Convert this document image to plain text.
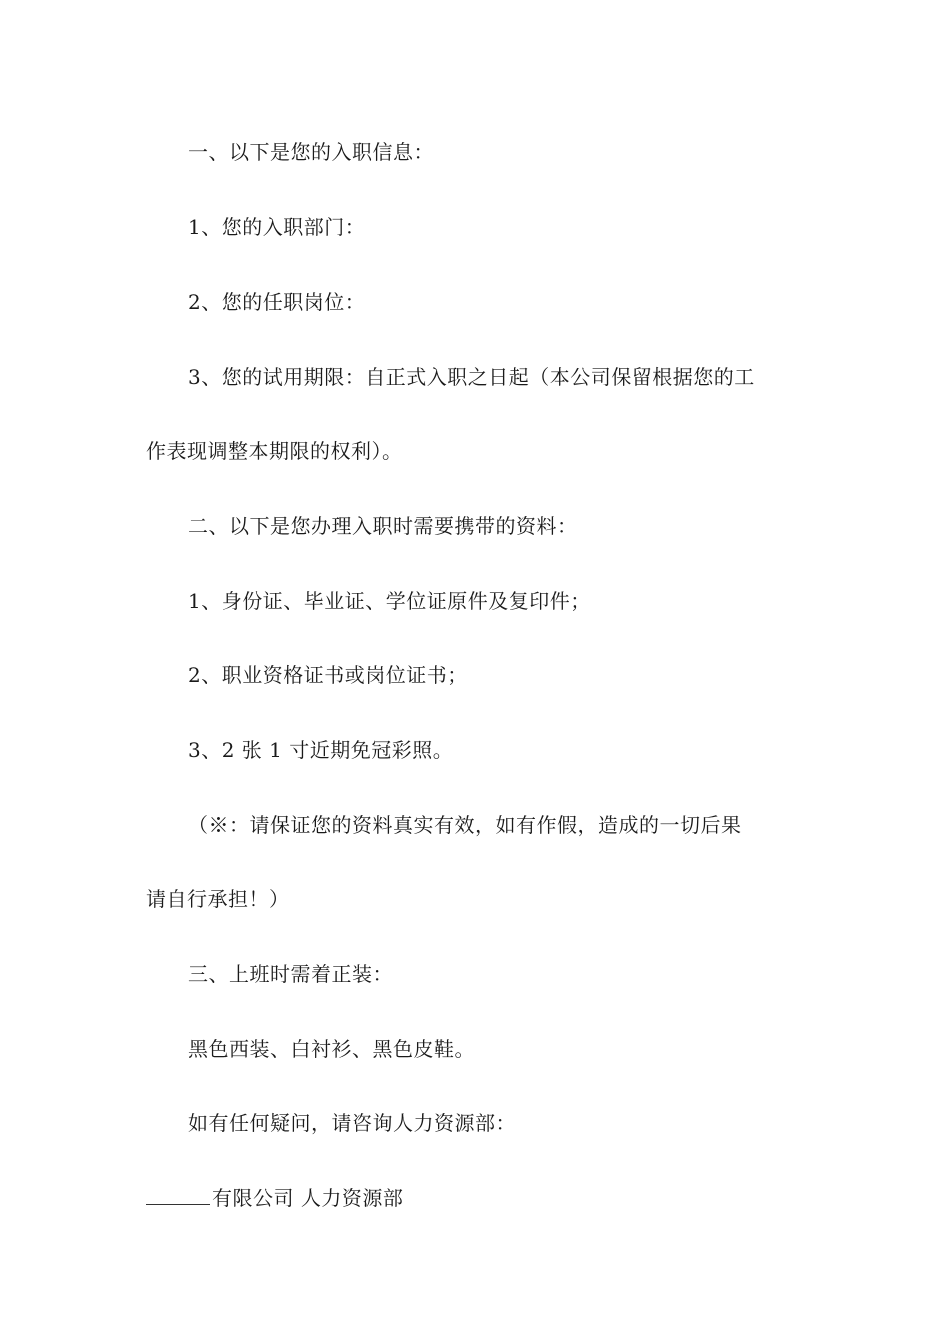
一、以下是您的入职信息：
1、您的入职部门：
2、您的任职岗位：
3、您的试用期限：自正式入职之日起（本公司保留根据您的工
作表现调整本期限的权利）。
二、以下是您办理入职时需要携带的资料：
1、身份证、毕业证、学位证原件及复印件；
2、职业资格证书或岗位证书；
3、2 张 1 寸近期免冠彩照。
（※：请保证您的资料真实有效，如有作假，造成的一切后果
请自行承担！）
三、上班时需着正装：
黑色西装、白衬衫、黑色皮鞋。
如有任何疑问，请咨询人力资源部：
有限公司 人力资源部
